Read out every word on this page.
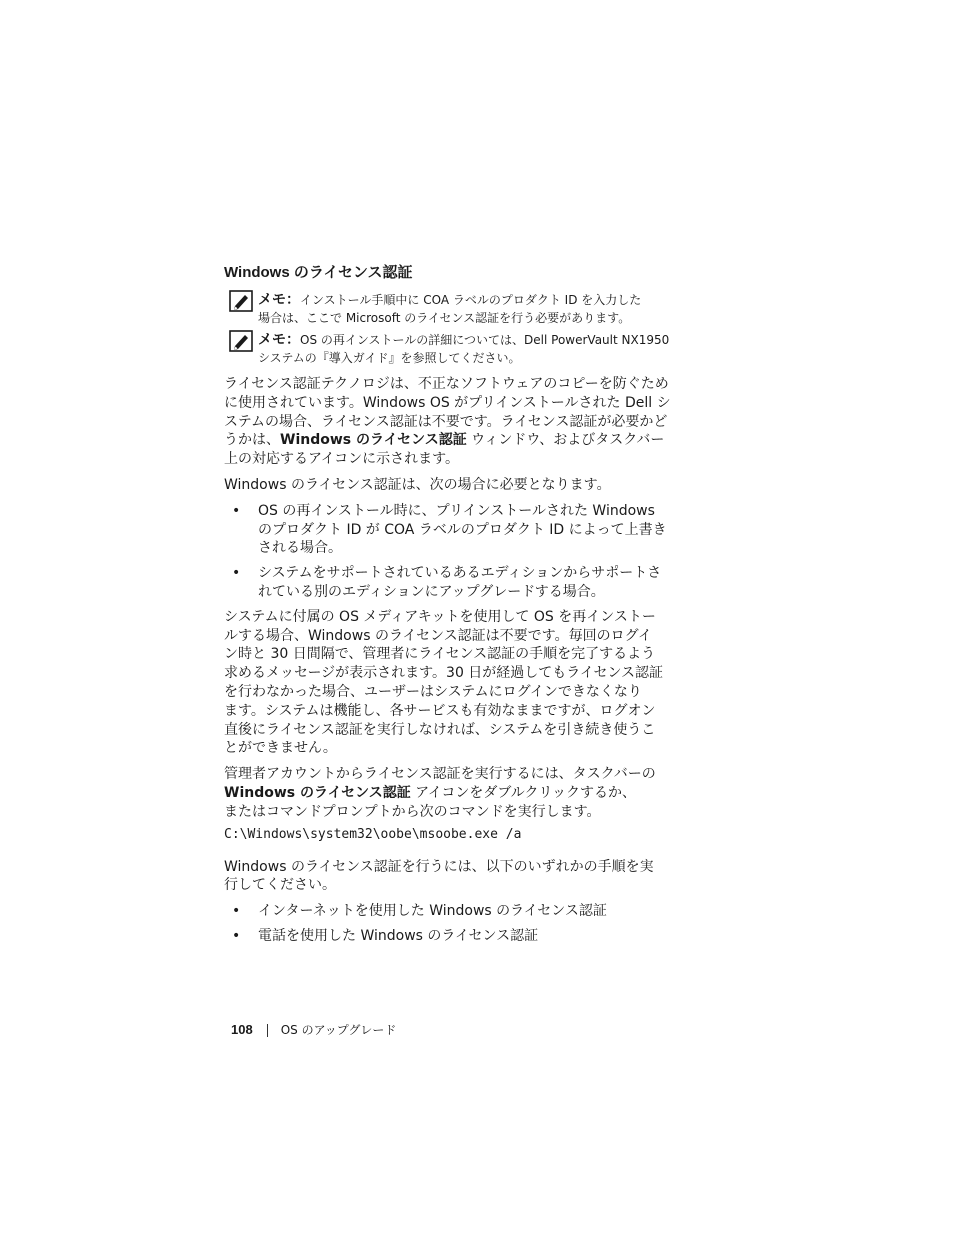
Windows のライセンス認証
メモ：インストール手順中に COA ラベルのプロダクト ID を入力した
場合は、ここで Microsoft のライセンス認証を行う必要があります。
メモ：OS の再インストールの詳細については、Dell PowerVault NX1950
システムの『導入ガイド』を参照してください。
ライセンス認証テクノロジは、不正なソフトウェアのコピーを防ぐため
に使用されています。Windows OS がプリインストールされた Dell シ
ステムの場合、ライセンス認証は不要です。ライセンス認証が必要かど
うかは、Windows のライセンス認証 ウィンドウ、およびタスクバー
上の対応するアイコンに示されます。
Windows のライセンス認証は、次の場合に必要となります。
• OS の再インストール時に、プリインストールされた Windows
のプロダクト ID が COA ラベルのプロダクト ID によって上書き
される場合。
• システムをサポートされているあるエディションからサポートさ
れている別のエディションにアップグレードする場合。
システムに付属の OS メディアキットを使用して OS を再インストー
ルする場合、Windows のライセンス認証は不要です。毎回のログイ
ン時と 30 日間隔で、管理者にライセンス認証の手順を完了するよう
求めるメッセージが表示されます。30 日が経過してもライセンス認証
を行わなかった場合、ユーザーはシステムにログインできなくなり
ます。システムは機能し、各サービスも有効なままですが、ログオン
直後にライセンス認証を実行しなければ、システムを引き続き使うこ
とができません。
管理者アカウントからライセンス認証を実行するには、タスクバーの
Windows のライセンス認証 アイコンをダブルクリックするか、
またはコマンドプロンプトから次のコマンドを実行します。
C:\Windows\system32\oobe\msoobe.exe /a
Windows のライセンス認証を行うには、以下のいずれかの手順を実
行してください。
• インターネットを使用した Windows のライセンス認証
• 電話を使用した Windows のライセンス認証
108 OS のアップグレード
